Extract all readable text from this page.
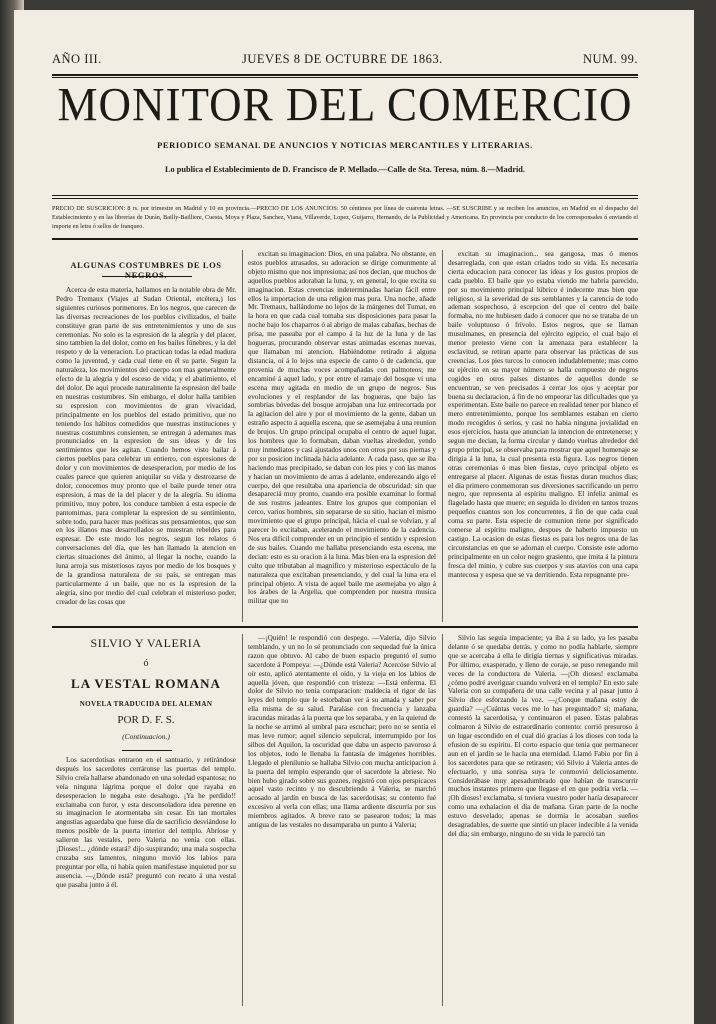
AÑO III.	JUEVES 8 DE OCTUBRE DE 1863.	NUM. 99.
MONITOR DEL COMERCIO
PERIODICO SEMANAL DE ANUNCIOS Y NOTICIAS MERCANTILES Y LITERARIAS.
Lo publica el Establecimiento de D. Francisco de P. Mellado.—Calle de Sta. Teresa, núm. 8.—Madrid.
PRECIO DE SUSCRICION: 8 rs. por trimestre en Madrid y 10 en provincia.—PRECIO DE LOS ANUNCIOS: 50 céntimos por línea de cuarenta letras. —SE SUSCRIBE y se reciben los anuncios, en Madrid en el despacho del Establecimiento y en las librerías de Durán, Bailly-Bailliere, Cuesta, Moya y Plaza, Sanchez, Viana, Villaverde, Lopez, Guijarro, Hernando, de la Publicidad y Americana. En provincia por conducto de los corresponsales ó enviando el importe en letra ó sellos de franqueo.
ALGUNAS COSTUMBRES DE LOS NEGROS.

Acerca de esta materia, hallamos en la notable obra de Mr. Pedro Tremaux (Viajes al Sudan Oriental, etcétera,) los siguientes curiosos pormenores. En los negros, que carecen de las diversas recreaciones de los pueblos civilizados, el baile constituye gran parte de sus entretenimientos y uno de sus ceremonias. No solo es la espresion de la alegría y del placer, sino tambien la del dolor, como en los bailes fúnebres, y la del respeto y de la veneracion. Lo practican todas la edad madura como la juventud, y cada cual tiene en él su parte. Segun la naturaleza, los movimientos del cuerpo son mas generalmente efecto de la alegría y del esceso de vida; y el abatimiento, el del dolor. De aquí procede naturalmente la espresion del baile en nuestras costumbres. Sin embargo, el dolor halla tambien su espresion con movimientos de gran vivacidad, principalmente en los pueblos del estado primitivo, que no teniendo los hábitos comedidos que nuestras instituciones y nuestras costumbres consienten, se entregan á ademanes mas pronunciados en la espresion de sus ideas y de los sentimientos que les agitan. Cuando hemos visto bailar á ciertos pueblos para celebrar un entierro, con espresiones de dolor y con movimientos de desesperacion, por medio de los cuales parece que quieren aniquilar su vida y destrozarse de dolor, conocemos muy pronto que el baile puede tener otra espresion, á mas de la del placer y de la alegría. Su idioma primitivo, muy pobre, los conduce tambien á esta especie de pantomimas, para completar la espresion de su sentimiento, sobre todo, para hacer mas poéticas sus pensamientos, que son en los ilíanos mas desarrollados se muestran rebeldes para espresar. De este modo los negros, segun los relatos ó conversaciones del día, que les han llamado la atencion en ciertas situaciones del ánimo, al llegar la noche, cuando la luna arroja sus misteriosos rayos por medio de los bosques y de la grandiosa naturaleza de su país, se entregan mas particularmente á un baile, que no es la espresion de la alegría, sino por medio del cual celebran el misterioso poder, creador de las cosas que

excitan su imaginacion: Dios, en una palabra. No obstante, en estos pueblos atrasados, su adoracion se dirige comunmente al objeto mismo que nos impresiona; así nos decian, que muchos de aquellos pueblos adoraban la luna, y, en general, lo que excita su imaginacion. Estas creencias indeterminadas harian fácil entre ellos la importacion de una religion mas pura. Una noche, añade Mr. Tremaux, hallándome no lejos de la márgenes del Tumat, en la hora en que cada cual tomaba sus disposiciones para pasar la noche bajo los chaparros ó al abrigo de malas cabañas, hechas de prisa, me paseaba por el campo á la luz de la luna y de las hogueras, procurando observar estas animadas escenas nuevas, que llamaban mi atencion. Habiéndome retirado á alguna distancia, oí á lo lejos una especie de canto ó de cadencia, que provenia de muchas voces acompañadas con palmoteos; me encaminé á aquel lado, y por entre el ramaje del bosque vi una escena muy agitada en medio de un grupo de negros. Sus evoluciones y el resplandor de las hogueras, que bajo las sombrías bóvedas del bosque arrojaban una luz entrecortada por la agitacion del aire y por el movimiento de la gente, daban un estraño aspecto á aquella escena, que se asemejaba á una reunion de brujos. Un grupo principal ocupaba el centro de aquel lugar, los hombres que lo formaban, daban vueltas alrededor, yendo muy inmediatos y casi ajustados unos con otros por sus piernas y por su posicion inclinada hácia adelante. A cada paso, que se iba haciendo mas precipitado, se daban con los pies y con las manos y hacian un movimiento de arras á adelante, enderezando algo el cuerpo, del que resultaba una apariencia de obscuridad: sin que desapareciá muy pronto, cuando era posible examinar lo formal de sus rostros jadeantes. Entre los grupos que componian el cerco, varios hombres, sin separarse de su sitio, hacian el mismo movimiento que el grupo principal, hácia el cual se volvian, y al parecer lo excitaban, acelerando el movimiento de la cadencia. Nos era difícil comprender en un principio el sentido y espresion de sus bailes. Cuando me hallaba presenciando esta escena, me decian: esto es su oracion á la luna. Mas bien era la espresion del culto que tributaban al magnífico y misterioso espectáculo de la naturaleza que excitaban presenciando, y del cual la luna era el principal objeto. A vista de aquel baile me asemejaba yo algo á los árabes de la Argelia, que comprenden por nuestra musica militar que no

excitan su imaginacion... sea gangosa, mas ó menos desarreglada, con que estan criados todo su vida. Es necesaria cierta educacion para conocer las ideas y los gustos propios de cada pueblo. El baile que yo estaba viendo me habria parecido, por su movimiento principal lúbrico é indecente mas bien que religioso, si la severidad de sus semblantes y la carencia de todo ademan sospechoso, á escepcion del que el centro del baile formaba, no me hubiesen dado á conocer que no se trataba de un baile voluptuoso ó frívolo. Estos negros, que se llaman musulmanes, en presencia del ejército egipcio, el cual bajo el menor pretesto viene con la amenaza para establecer la esclavitud, se retiran aparte para observar las prácticas de sus creencias. Los pies turcos lo conocen indudablemente; mas como su ejército en su mayor número se halla compuesto de negros cogidos en otros países distantes de aquellos donde se encuentran, se ven precisados á cerrar los ojos y aceptar por buena su declaracion, á fin de no empeorar las dificultades que ya experimentan. Este baile no parece en realidad tener por blanco el mero entretenimiento, porque los semblantes estaban en cierto modo recogidos ó serios, y casi no habia ninguna jovialidad en esos ejercicios, hasta que anuncian la intencion de entretenerse; y segun me decian, la forma circular y dando vueltas alrededor del grupo principal, se observaba para mostrar que aquel homenaje se dirigia á la luna, la cual presenta esta figura. Los negros tienen otras ceremonias ó mas bien fiestas, cuyo principal objeto es entregarse al placer. Algunas de estas fiestas duran muchos dias; el día primero conmemoran sus diversiones sacrificando un perro negro, que representa al espíritu maligno. El infeliz animal es flagelado hasta que muere; en seguida lo dividen en tantos trozos pequeños cuantos son los concurrentes, á fin de que cada cual coma su parte. Esta especie de comunion tiene por significado comerse al espíritu maligno, despues de haberlo impuesto un castigo. La ocasion de estas fiestas es para los negros una de las circunstancias en que se adornan el cuerpo. Consiste este adorno principalmente en un color negro grasiento, que imita á la pintura fresca del minio, y cubre sus cuerpos y sus atavíos con una capa mantecosa y espesa que se va derritiendo. Esta repugnante pre-

SILVIO Y VALERIA
ó
LA VESTAL ROMANA
NOVELA TRADUCIDA DEL ALEMAN
POR D. F. S.
(Continuacion.)

Los sacerdotisas entraron en el santuario, y retirándose después los sacerdotes cerráronse las puertas del templo. Silvio creía hallarse abandonado en una soledad espantosa; no veía ninguna lágrima porque el dolor que rayaba en desesperacion le negaba este desahogo. ¡Ya he perdido!! exclamaba con furor, y esta desconsoladora idea perenne en su imaginacion le atormentaba sin cesar. En tan mortales angustias aguardaba que fuese día de sacrificio desviándose lo menos posible de la puerta interior del templo. Abríose y salieron las vestales, pero Valeria no venía con ellas. ¡Dioses!... ¿dónde estará? dijo suspirando; una mala sospecha cruzaba sus lamentos, ninguno movió los labios para preguntar por ella, ni había quien manifestase inquietud por su ausencia. —¿Dónde está? preguntó con recato á una vestal que pasaba junto á él.

—¡Quién! le respondió con despego. —Valeria, dijo Silvio temblando, y un no lo sé pronunciado con sequedad fué la única razon que obtuvo. Al cabo de buen espacio preguntó el sumo sacerdote á Pompeya: —¿Dónde está Valeria? Acercóse Silvio al oír esto, aplicó atentamente el oído, y la vieja en los labios de aquella jóven, que respondió con tristeza: —Está enferma. El dolor de Silvio no tenia comparacion: maldecía el rigor de las leyes del templo que le estorbaban ver á su amada y saber por ella misma de su salud. Paraláse con frecuencia y lanzaba iracundas miradas á la puerta que los separaba, y en la quietud de la noche se arrimó al umbral para escuchar; pero no se sentía el mas leve rumor; aquel silencio sepulcral, interrumpido por los silbos del Aquilon, la oscuridad que daba un aspecto pavoroso á los objetos, todo le llenaba la fantasía de imágenes horribles. Llegado el plenilunio se hallaba Silvio con mucha anticipacion á la puerta del templo esperando que el sacerdote la abriese. No bien hubo girado sobre sus goznes, registró con ojos perspicaces aquel vasto recinto y no descubriendo á Valeria, se marchó acosado al jardín en busca de las sacerdotisas; su contento fué excesivo al verla con ellas; una llama ardiente discurría por sus miembros agitados. A breve rato se pasearon todos; la mas antigua de las vestales no desamparaba un punto á Valeria;

Silvio las seguía impaciente; ya iba á su lado, ya les pasaba delante ó se quedaba detrás, y como no podía hablarle, siempre que se acercaba á ella le dirigía tiernas y significativas miradas. Por último, exasperado, y lleno de coraje, se puso renegando mil veces de la conductora de Valeria. —¡Oh dioses! exclamaba ¿cómo podré averiguar cuando volverá en el templo? En esto sale Valeria con su compañera de una calle vecina y al pasar junto á Silvio dice esforzando la voz. —¿Conque mañana estoy de guardia? —¿Cuántas veces me lo has preguntado? sí; mañana, contestó la sacerdotisa, y continuaron el paseo. Estas palabras colmaron á Silvio de estraordinario contento: corrió presuroso á un lugar escondido en el cual dió gracias á los dioses con toda la efusion de su espíritu. El corto espacio que tenia que permanecer aun en el jardín se le hacía una eternidad. Llamó Fabio por fin á los sacerdotes para que se retirasen; vió Silvio á Valeria antes de efectuarlo, y una sonrisa suya le conmovió deliciosamente. Considerábase muy apesadumbrado que habían de transcurrir muchos instantes primero que llegase el en que podría verla. —¡Oh dioses! exclamaba, si tuviera vuestro poder haría desaparecer como una exhalacion el día de mañana. Gran parte de la noche estuvo desvelado; apenas se dormía le acosaban sueños desagradables, de suerte que sintió un placer indecible á la venida del día; sin embargo, ninguno de su vida le pareció tan
